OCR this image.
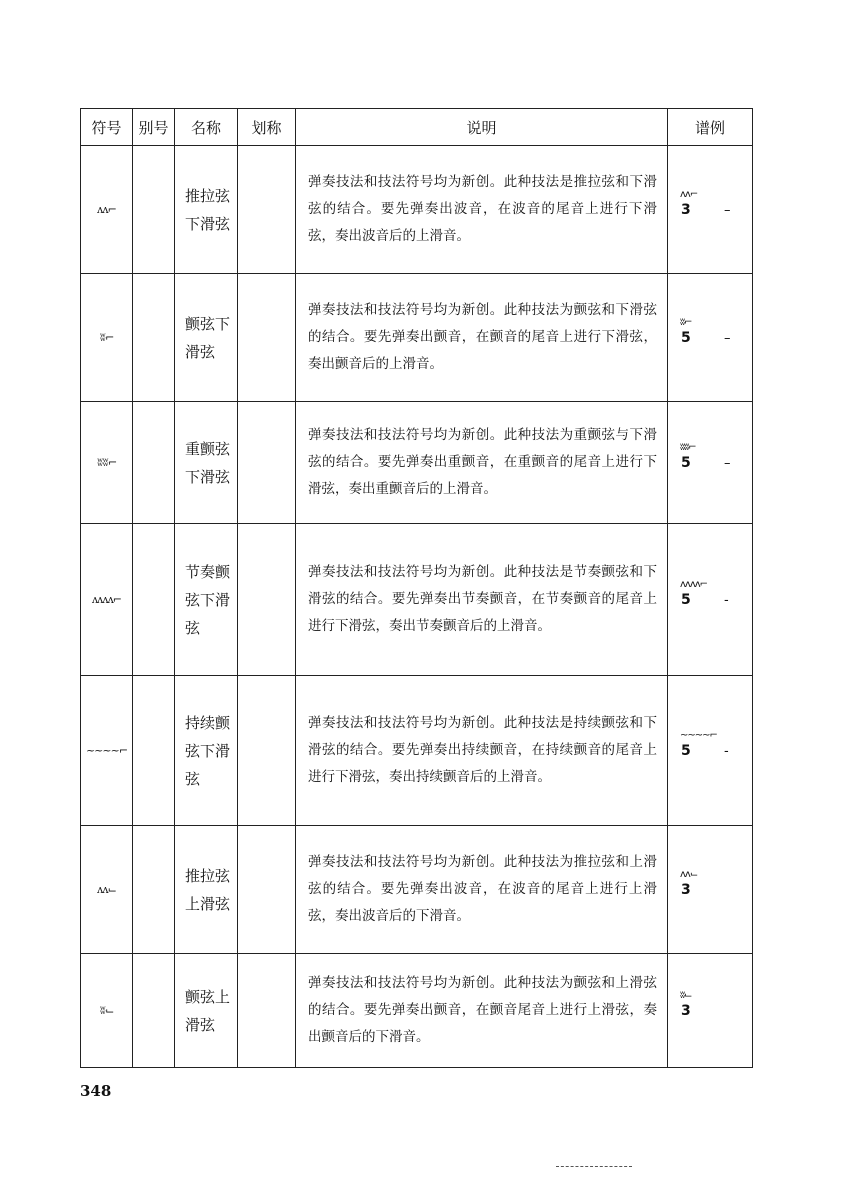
符号	别号	名称	划称	说明	谱例
ʌʌ⌐		推拉弦下滑弦		弹奏技法和技法符号均为新创。此种技法是推拉弦和下滑弦的结合。要先弹奏出波音，在波音的尾音上进行下滑弦，奏出波音后的上滑音。	ʌʌ⌐
3 –

ʬ⌐		颤弦下滑弦		弹奏技法和技法符号均为新创。此种技法为颤弦和下滑弦的结合。要先弹奏出颤音，在颤音的尾音上进行下滑弦，奏出颤音后的上滑音。	ʬ⌐
5 –

ʬʬ⌐		重颤弦下滑弦		弹奏技法和技法符号均为新创。此种技法为重颤弦与下滑弦的结合。要先弹奏出重颤音，在重颤音的尾音上进行下滑弦，奏出重颤音后的上滑音。	ʬʬ⌐
5 –

ʌʌʌʌ⌐		节奏颤弦下滑弦		弹奏技法和技法符号均为新创。此种技法是节奏颤弦和下滑弦的结合。要先弹奏出节奏颤音，在节奏颤音的尾音上进行下滑弦，奏出节奏颤音后的上滑音。	ʌʌʌʌ⌐
5 -

~~~~⌐		持续颤弦下滑弦		弹奏技法和技法符号均为新创。此种技法是持续颤弦和下滑弦的结合。要先弹奏出持续颤音，在持续颤音的尾音上进行下滑弦，奏出持续颤音后的上滑音。	~~~~⌐
5 -

ʌʌ⌙		推拉弦上滑弦		弹奏技法和技法符号均为新创。此种技法为推拉弦和上滑弦的结合。要先弹奏出波音，在波音的尾音上进行上滑弦，奏出波音后的下滑音。	ʌʌ⌙
3

ʬ⌙		颤弦上滑弦		弹奏技法和技法符号均为新创。此种技法为颤弦和上滑弦的结合。要先弹奏出颤音，在颤音尾音上进行上滑弦，奏出颤音后的下滑音。	ʬ⌙
3
348
